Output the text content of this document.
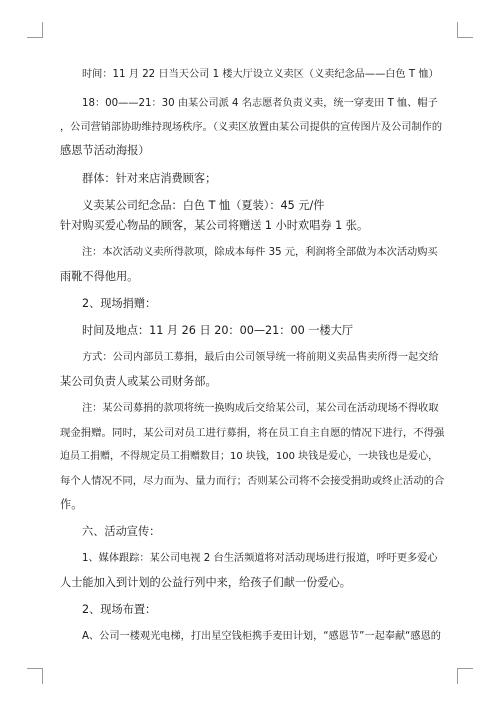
时间：11 月 22 日当天公司 1 楼大厅设立义卖区（义卖纪念品——白色 T 恤）
18：00——21：30 由某公司派 4 名志愿者负责义卖，统一穿麦田 T 恤、帽子
，公司营销部协助维持现场秩序。（义卖区放置由某公司提供的宣传图片及公司制作的
感恩节活动海报）
群体：针对来店消费顾客；
义卖某公司纪念品：白色 T 恤（夏装）：45 元/件
针对购买爱心物品的顾客，某公司将赠送 1 小时欢唱券 1 张。
注：本次活动义卖所得款项，除成本每件 35 元，利润将全部做为本次活动购买
雨靴不得他用。
2、现场捐赠：
时间及地点：11 月 26 日 20：00—21：00 一楼大厅
方式：公司内部员工募捐，最后由公司领导统一将前期义卖品售卖所得一起交给
某公司负责人或某公司财务部。
注：某公司募捐的款项将统一换购成后交给某公司，某公司在活动现场不得收取
现金捐赠。同时，某公司对员工进行募捐，将在员工自主自愿的情况下进行，不得强
迫员工捐赠，不得规定员工捐赠数目；10 块钱，100 块钱是爱心，一块钱也是爱心，
每个人情况不同，尽力而为、量力而行；否则某公司将不会接受捐助或终止活动的合
作。
六、活动宣传：
1、媒体跟踪：某公司电视 2 台生活频道将对活动现场进行报道，呼吁更多爱心
人士能加入到计划的公益行列中来，给孩子们献一份爱心。
2、现场布置：
A、公司一楼观光电梯，打出星空钱柜携手麦田计划，“感恩节”一起奉献“感恩的
